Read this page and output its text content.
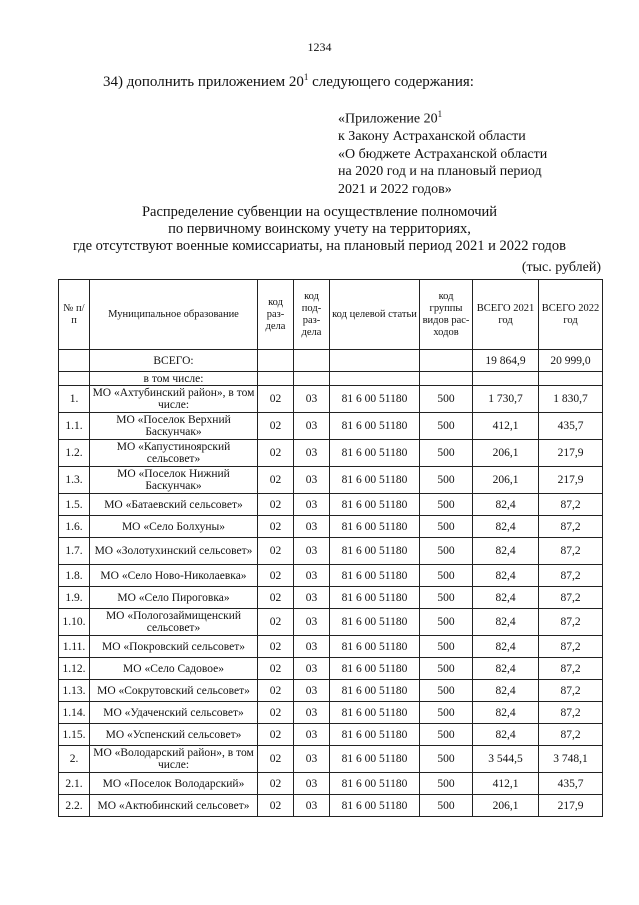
1234
34) дополнить приложением $20^1$ следующего содержания:
«Приложение $20^1$
к Закону Астраханской области
«О бюджете Астраханской области
на 2020 год и на плановый период
2021 и 2022 годов»
Распределение субвенции на осуществление полномочий
по первичному воинскому учету на территориях,
где отсутствуют военные комиссариаты, на плановый период 2021 и 2022 годов
(тыс. рублей)
№ п/п	Муниципальное образование	код раз-дела	код под-раз-дела	код целевой статьи	код группы видов рас-ходов	ВСЕГО 2021 год	ВСЕГО 2022 год
	ВСЕГО:					19 864,9	20 999,0
	в том числе:						
1.	МО «Ахтубинский район», в том числе:	02	03	81 6 00 51180	500	1 730,7	1 830,7
1.1.	МО «Поселок Верхний Баскунчак»	02	03	81 6 00 51180	500	412,1	435,7
1.2.	МО «Капустиноярский сельсовет»	02	03	81 6 00 51180	500	206,1	217,9
1.3.	МО «Поселок Нижний Баскунчак»	02	03	81 6 00 51180	500	206,1	217,9
1.5.	МО «Батаевский сельсовет»	02	03	81 6 00 51180	500	82,4	87,2
1.6.	МО «Село Болхуны»	02	03	81 6 00 51180	500	82,4	87,2
1.7.	МО «Золотухинский сельсовет»	02	03	81 6 00 51180	500	82,4	87,2
1.8.	МО «Село Ново-Николаевка»	02	03	81 6 00 51180	500	82,4	87,2
1.9.	МО «Село Пироговка»	02	03	81 6 00 51180	500	82,4	87,2
1.10.	МО «Пологозаймищенский сельсовет»	02	03	81 6 00 51180	500	82,4	87,2
1.11.	МО «Покровский сельсовет»	02	03	81 6 00 51180	500	82,4	87,2
1.12.	МО «Село Садовое»	02	03	81 6 00 51180	500	82,4	87,2
1.13.	МО «Сокрутовский сельсовет»	02	03	81 6 00 51180	500	82,4	87,2
1.14.	МО «Удаченский сельсовет»	02	03	81 6 00 51180	500	82,4	87,2
1.15.	МО «Успенский сельсовет»	02	03	81 6 00 51180	500	82,4	87,2
2.	МО «Володарский район», в том числе:	02	03	81 6 00 51180	500	3 544,5	3 748,1
2.1.	МО «Поселок Володарский»	02	03	81 6 00 51180	500	412,1	435,7
2.2.	МО «Актюбинский сельсовет»	02	03	81 6 00 51180	500	206,1	217,9
